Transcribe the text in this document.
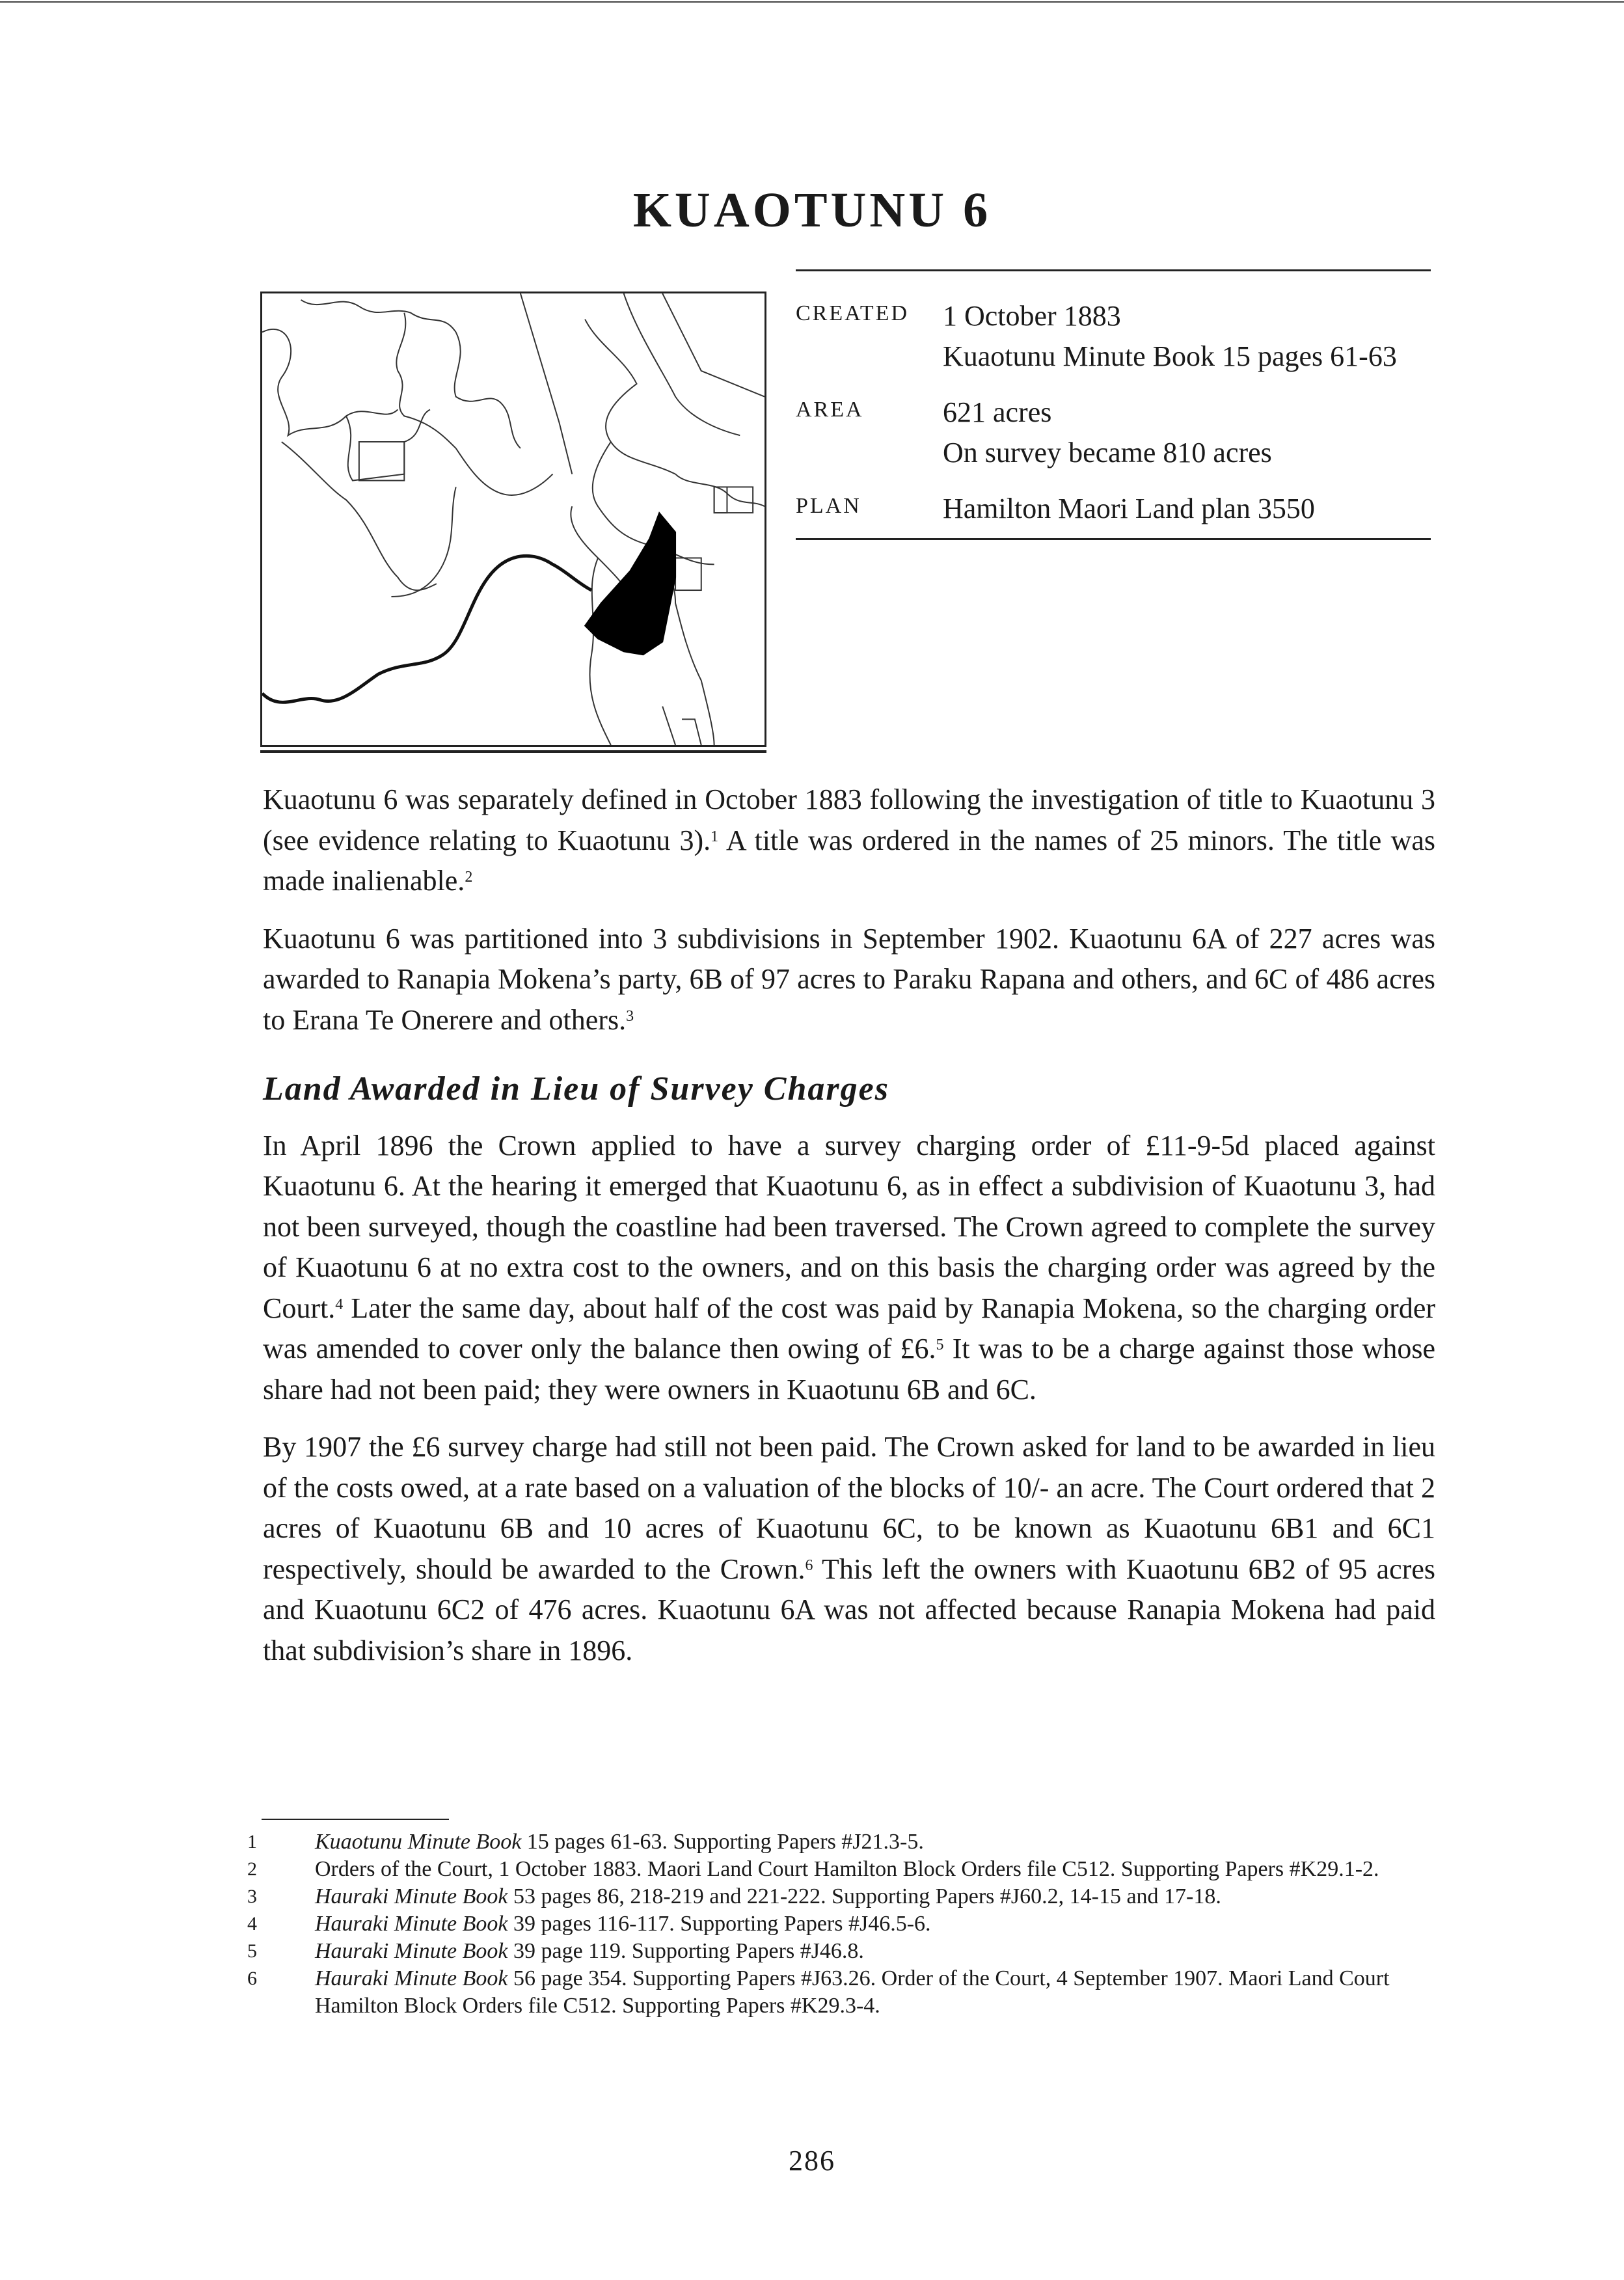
KUAOTUNU 6
CREATED	1 October 1883
Kuaotunu Minute Book 15 pages 61-63
AREA	621 acres
On survey became 810 acres
PLAN	Hamilton Maori Land plan 3550

Kuaotunu 6 was separately defined in October 1883 following the investigation of title to Kuaotunu 3 (see evidence relating to Kuaotunu 3).$^1$ A title was ordered in the names of 25 minors. The title was made inalienable.$^2$

Kuaotunu 6 was partitioned into 3 subdivisions in September 1902. Kuaotunu 6A of 227 acres was awarded to Ranapia Mokena’s party, 6B of 97 acres to Paraku Rapana and others, and 6C of 486 acres to Erana Te Onerere and others.$^3$

Land Awarded in Lieu of Survey Charges

In April 1896 the Crown applied to have a survey charging order of £11-9-5d placed against Kuaotunu 6. At the hearing it emerged that Kuaotunu 6, as in effect a subdivision of Kuaotunu 3, had not been surveyed, though the coastline had been traversed. The Crown agreed to complete the survey of Kuaotunu 6 at no extra cost to the owners, and on this basis the charging order was agreed by the Court.$^4$ Later the same day, about half of the cost was paid by Ranapia Mokena, so the charging order was amended to cover only the balance then owing of £6.$^5$ It was to be a charge against those whose share had not been paid; they were owners in Kuaotunu 6B and 6C.

By 1907 the £6 survey charge had still not been paid. The Crown asked for land to be awarded in lieu of the costs owed, at a rate based on a valuation of the blocks of 10/- an acre. The Court ordered that 2 acres of Kuaotunu 6B and 10 acres of Kuaotunu 6C, to be known as Kuaotunu 6B1 and 6C1 respectively, should be awarded to the Crown.$^6$ This left the owners with Kuaotunu 6B2 of 95 acres and Kuaotunu 6C2 of 476 acres. Kuaotunu 6A was not affected because Ranapia Mokena had paid that subdivision’s share in 1896.

1	Kuaotunu Minute Book 15 pages 61-63. Supporting Papers #J21.3-5.
2	Orders of the Court, 1 October 1883. Maori Land Court Hamilton Block Orders file C512. Supporting Papers #K29.1-2.
3	Hauraki Minute Book 53 pages 86, 218-219 and 221-222. Supporting Papers #J60.2, 14-15 and 17-18.
4	Hauraki Minute Book 39 pages 116-117. Supporting Papers #J46.5-6.
5	Hauraki Minute Book 39 page 119. Supporting Papers #J46.8.
6	Hauraki Minute Book 56 page 354. Supporting Papers #J63.26. Order of the Court, 4 September 1907. Maori Land Court Hamilton Block Orders file C512. Supporting Papers #K29.3-4.
286
